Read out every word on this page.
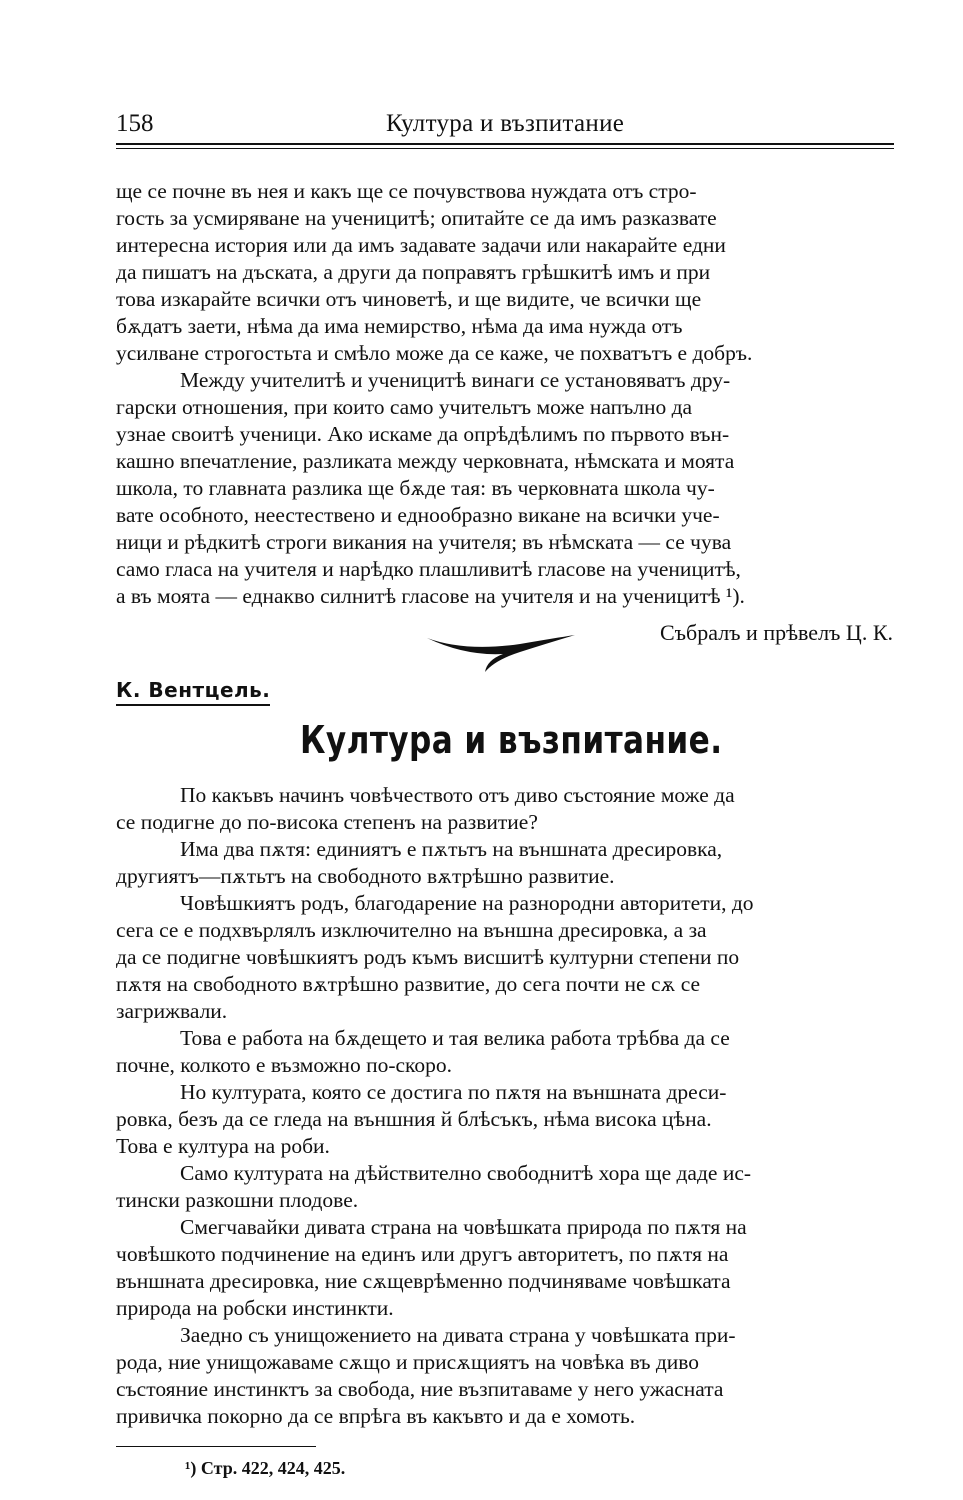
158	Култура и възпитание

ще се почне въ нея и какъ ще се почувствова нуждата отъ стро-

гость за усмиряване на ученицитѣ; опитайте се да имъ разказвате

интересна история или да имъ задавате задачи или накарайте едни

да пишатъ на дъската, а други да поправятъ грѣшкитѣ имъ и при

това изкарайте всички отъ чиноветѣ, и ще видите, че всички ще

бѫдатъ заети, нѣма да има немирство, нѣма да има нужда отъ

усилване строгостьта и смѣло може да се каже, че похватътъ е добръ.

Между учителитѣ и ученицитѣ винаги се установяватъ дру-

гарски отношения, при които само учительтъ може напълно да

узнае своитѣ ученици. Ако искаме да опрѣдѣлимъ по първото вън-

кашно впечатление, разликата между черковната, нѣмската и моята

школа, то главната разлика ще бѫде тая: въ черковната школа чу-

вате особното, неестествено и еднообразно викане на всички уче-

ници и рѣдкитѣ строги викания на учителя; въ нѣмската — се чува

само гласа на учителя и нарѣдко плашливитѣ гласове на ученицитѣ,

а въ моята — еднакво силнитѣ гласове на учителя и на ученицитѣ ¹).

Събралъ и прѣвелъ Ц. К.
К. Вентцель.
Култура и възпитание.

По какъвъ начинъ човѣчеството отъ диво състояние може да

се подигне до по-висока степенъ на развитие?

Има два пѫтя: единиятъ е пѫтьтъ на външната дресировка,

другиятъ—пѫтьтъ на свободното вѫтрѣшно развитие.

Човѣшкиятъ родъ, благодарение на разнородни авторитети, до

сега се е подхвърлялъ изключително на външна дресировка, а за

да се подигне човѣшкиятъ родъ къмъ висшитѣ културни степени по

пѫтя на свободното вѫтрѣшно развитие, до сега почти не сѫ се

загрижвали.

Това е работа на бѫдещето и тая велика работа трѣбва да се

почне, колкото е възможно по-скоро.

Но културата, която се достига по пѫтя на външната дреси-

ровка, безъ да се гледа на външния й блѣсъкъ, нѣма висока цѣна.

Това е култура на роби.

Само културата на дѣйствително свободнитѣ хора ще даде ис-

тински разкошни плодове.

Смегчавайки дивата страна на човѣшката природа по пѫтя на

човѣшкото подчинение на единъ или другъ авторитетъ, по пѫтя на

външната дресировка, ние сѫщеврѣменно подчиняваме човѣшката

природа на робски инстинкти.

Заедно съ унищожението на дивата страна у човѣшката при-

рода, ние унищожаваме сѫщо и присѫщиятъ на човѣка въ диво

състояние инстинктъ за свобода, ние възпитаваме у него ужасната

привичка покорно да се впрѣга въ какъвто и да е хомоть.

¹) Стр. 422, 424, 425.
